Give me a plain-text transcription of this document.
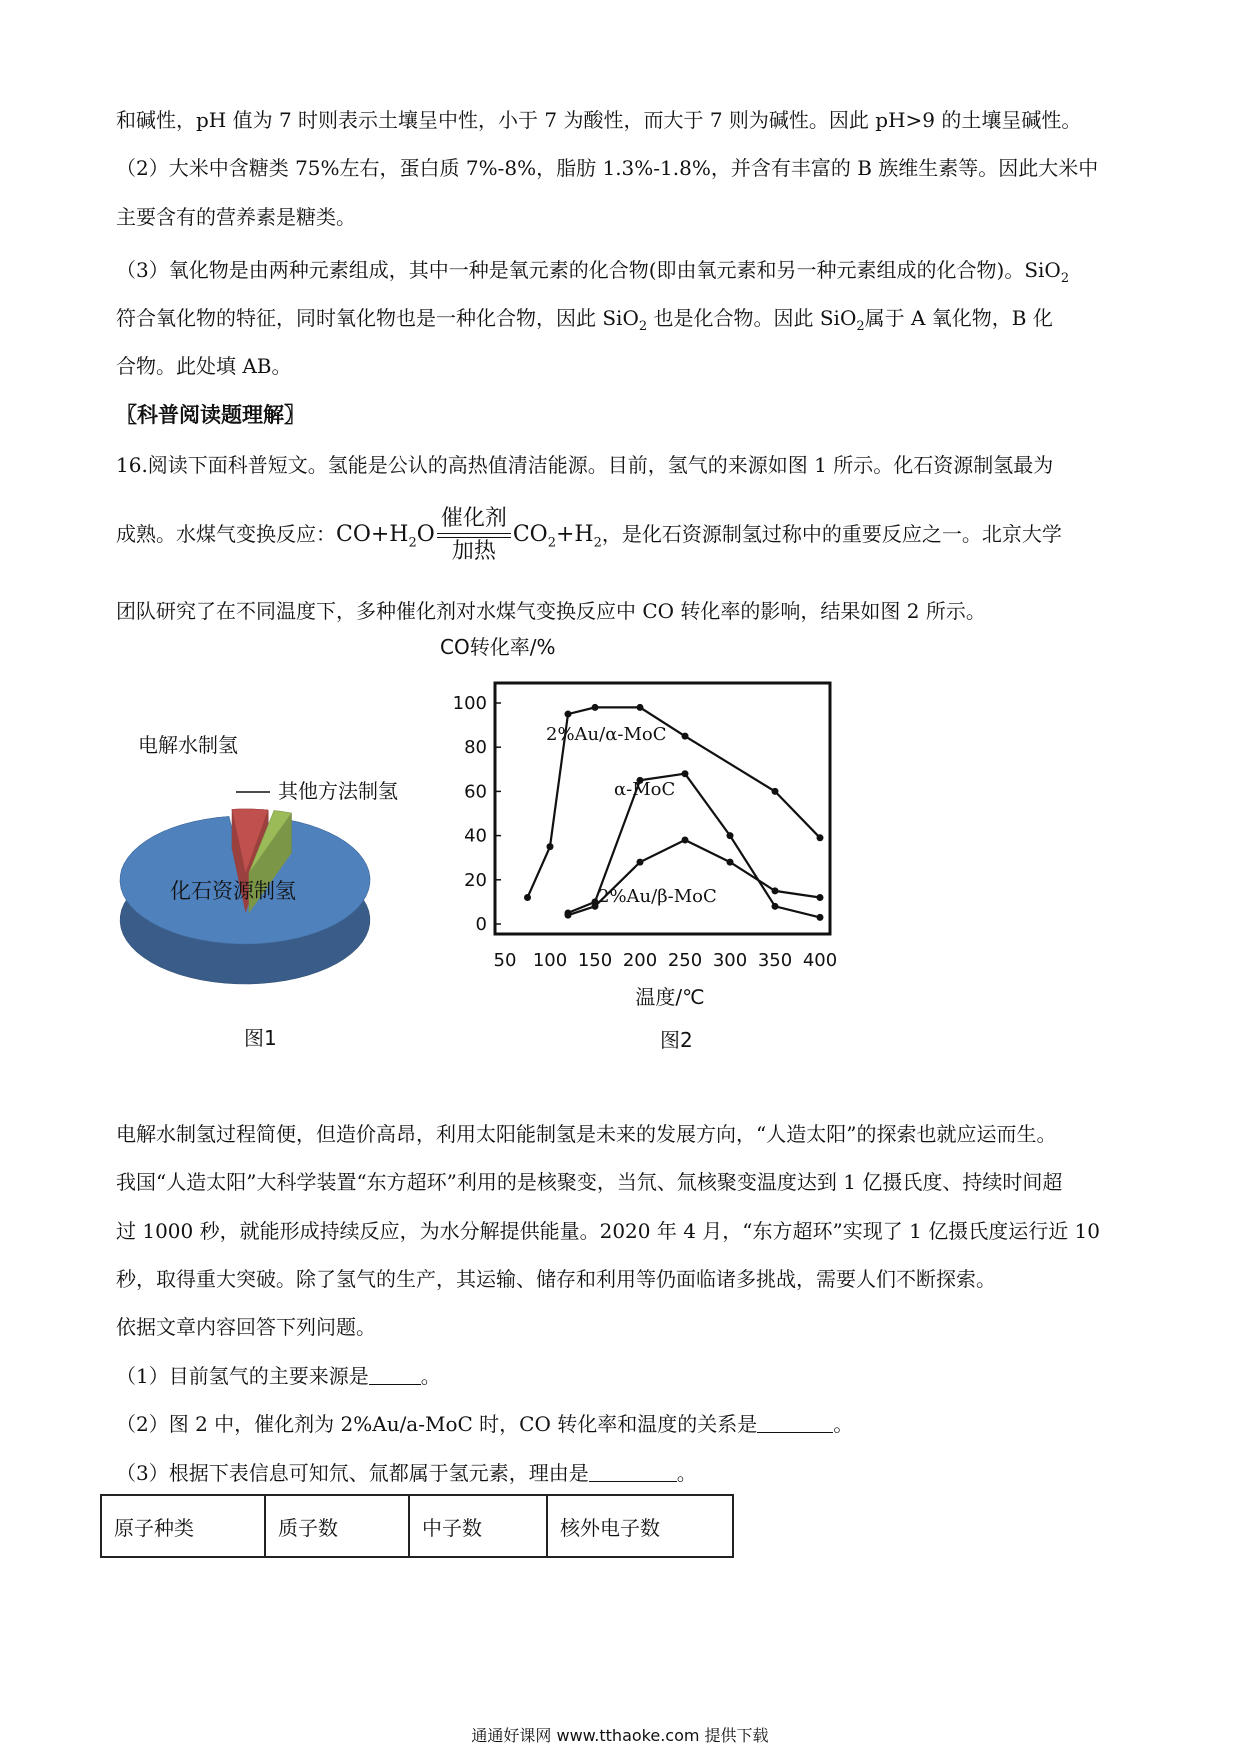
和碱性，pH 值为 7 时则表示土壤呈中性，小于 7 为酸性，而大于 7 则为碱性。因此 pH>9 的土壤呈碱性。
（2）大米中含糖类 75%左右，蛋白质 7%-8%，脂肪 1.3%-1.8%，并含有丰富的 B 族维生素等。因此大米中
主要含有的营养素是糖类。
（3）氧化物是由两种元素组成，其中一种是氧元素的化合物(即由氧元素和另一种元素组成的化合物)。SiO$_2$
符合氧化物的特征，同时氧化物也是一种化合物，因此 SiO$_2$ 也是化合物。因此 SiO$_2$属于 A 氧化物，B 化
合物。此处填 AB。
〖科普阅读题理解〗
16.阅读下面科普短文。氢能是公认的高热值清洁能源。目前，氢气的来源如图 1 所示。化石资源制氢最为
成熟。水煤气变换反应：$CO+H_2O$
催化剂
加热
$CO_2+H_2$，是化石资源制氢过称中的重要反应之一。北京大学
团队研究了在不同温度下，多种催化剂对水煤气变换反应中 CO 转化率的影响，结果如图 2 所示。
化石资源制氢
电解水制氢
其他方法制氢
图1
CO转化率/%
0
20
40
60
80
100
50 100 150 200 250 300 350 400
温度/℃
2%Au/α-MoC
α-MoC
2%Au/β-MoC
图2
电解水制氢过程简便，但造价高昂，利用太阳能制氢是未来的发展方向，“人造太阳”的探索也就应运而生。
我国“人造太阳”大科学装置“东方超环”利用的是核聚变，当氘、氚核聚变温度达到 1 亿摄氏度、持续时间超
过 1000 秒，就能形成持续反应，为水分解提供能量。2020 年 4 月，“东方超环”实现了 1 亿摄氏度运行近 10
秒，取得重大突破。除了氢气的生产，其运输、储存和利用等仍面临诸多挑战，需要人们不断探索。
依据文章内容回答下列问题。
（1）目前氢气的主要来源是	。
（2）图 2 中，催化剂为 2%Au/a-MoC 时，CO 转化率和温度的关系是	。
（3）根据下表信息可知氘、氚都属于氢元素，理由是	。
原子种类	质子数	中子数	核外电子数
通通好课网 www.tthaoke.com 提供下载
